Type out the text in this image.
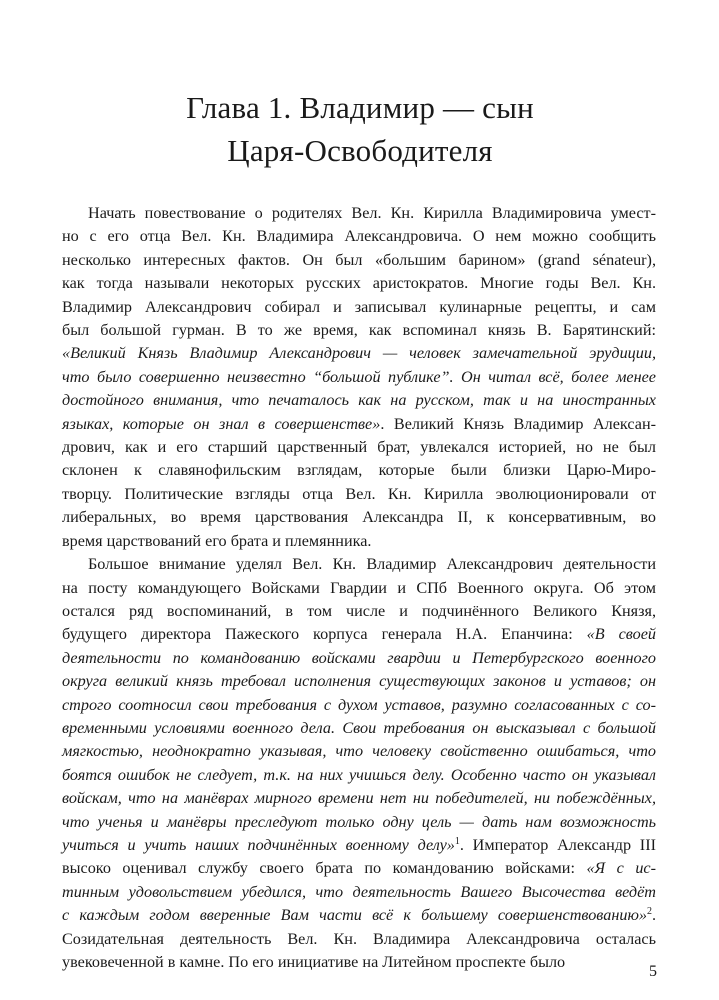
Глава 1. Владимир — сын
Царя-Освободителя
Начать повествование о родителях Вел. Кн. Кирилла Владимировича умест-
но с его отца Вел. Кн. Владимира Александровича. О нем можно сообщить
несколько интересных фактов. Он был «большим барином» (grand sénateur),
как тогда называли некоторых русских аристократов. Многие годы Вел. Кн.
Владимир Александрович собирал и записывал кулинарные рецепты, и сам
был большой гурман. В то же время, как вспоминал князь В. Барятинский:
«Великий Князь Владимир Александрович — человек замечательной эрудиции,
что было совершенно неизвестно “большой публике”. Он читал всё, более менее
достойного внимания, что печаталось как на русском, так и на иностранных
языках, которые он знал в совершенстве». Великий Князь Владимир Алексан-
дрович, как и его старший царственный брат, увлекался историей, но не был
склонен к славянофильским взглядам, которые были близки Царю-Миро-
творцу. Политические взгляды отца Вел. Кн. Кирилла эволюционировали от
либеральных, во время царствования Александра II, к консервативным, во
время царствований его брата и племянника.
Большое внимание уделял Вел. Кн. Владимир Александрович деятельности
на посту командующего Войсками Гвардии и СПб Военного округа. Об этом
остался ряд воспоминаний, в том числе и подчинённого Великого Князя,
будущего директора Пажеского корпуса генерала Н.А. Епанчина: «В своей
деятельности по командованию войсками гвардии и Петербургского военного
округа великий князь требовал исполнения существующих законов и уставов; он
строго соотносил свои требования с духом уставов, разумно согласованных с со-
временными условиями военного дела. Свои требования он высказывал с большой
мягкостью, неоднократно указывая, что человеку свойственно ошибаться, что
боятся ошибок не следует, т.к. на них учишься делу. Особенно часто он указывал
войскам, что на манёврах мирного времени нет ни победителей, ни побеждённых,
что ученья и манёвры преследуют только одну цель — дать нам возможность
учиться и учить наших подчинённых военному делу»$^1$. Император Александр III
высоко оценивал службу своего брата по командованию войсками: «Я с ис-
тинным удовольствием убедился, что деятельность Вашего Высочества ведёт
с каждым годом вверенные Вам части всё к большему совершенствованию»$^2$.
Созидательная деятельность Вел. Кн. Владимира Александровича осталась
увековеченной в камне. По его инициативе на Литейном проспекте было
5
